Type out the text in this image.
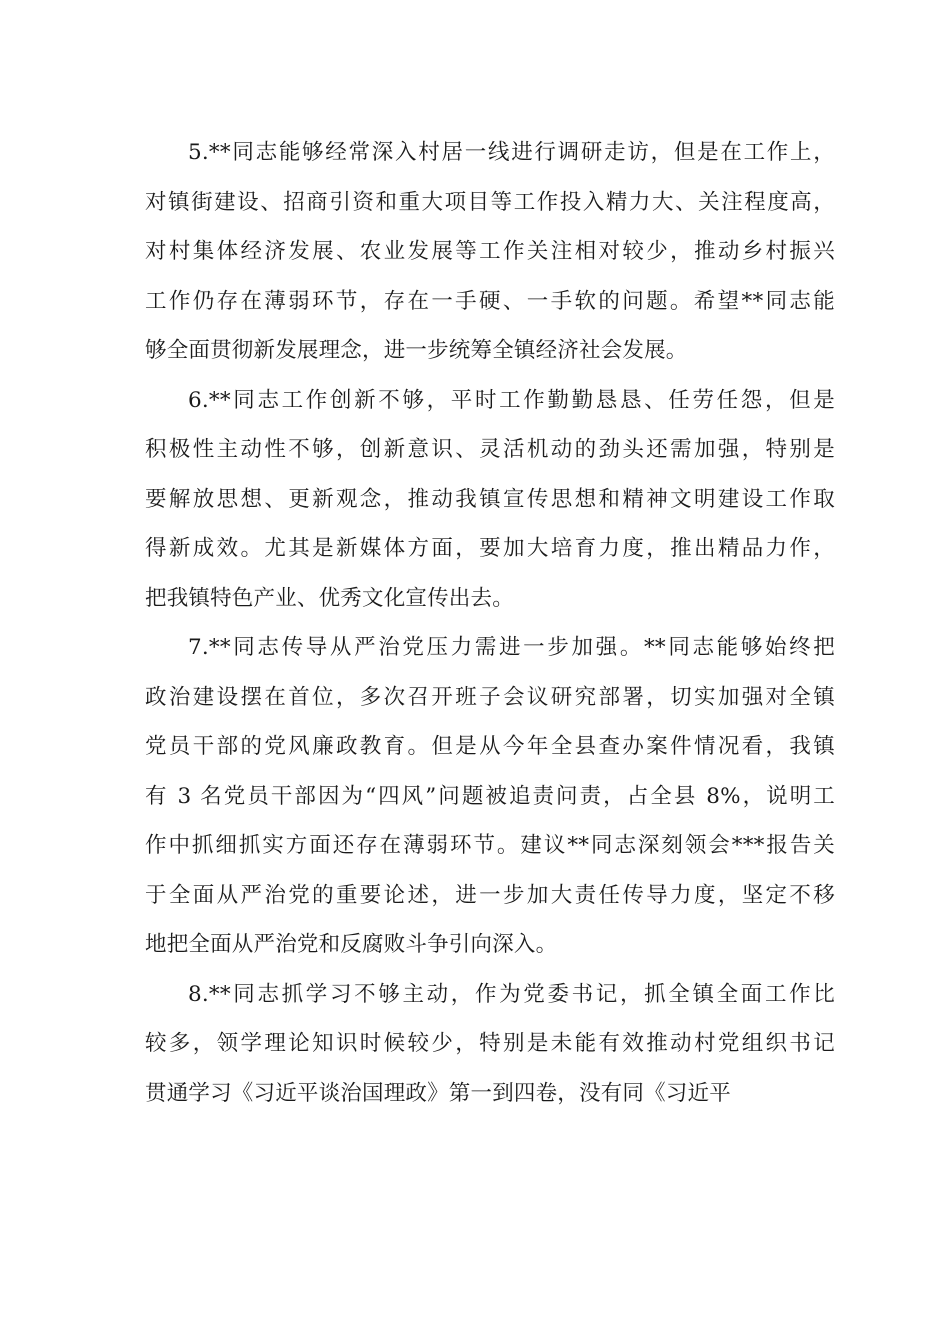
5.**同志能够经常深入村居一线进行调研走访，但是在工作上，
对镇街建设、招商引资和重大项目等工作投入精力大、关注程度高，
对村集体经济发展、农业发展等工作关注相对较少，推动乡村振兴
工作仍存在薄弱环节，存在一手硬、一手软的问题。希望**同志能
够全面贯彻新发展理念，进一步统筹全镇经济社会发展。
6.**同志工作创新不够，平时工作勤勤恳恳、任劳任怨，但是
积极性主动性不够，创新意识、灵活机动的劲头还需加强，特别是
要解放思想、更新观念，推动我镇宣传思想和精神文明建设工作取
得新成效。尤其是新媒体方面，要加大培育力度，推出精品力作，
把我镇特色产业、优秀文化宣传出去。
7.**同志传导从严治党压力需进一步加强。**同志能够始终把
政治建设摆在首位，多次召开班子会议研究部署，切实加强对全镇
党员干部的党风廉政教育。但是从今年全县查办案件情况看，我镇
有 3 名党员干部因为“四风”问题被追责问责，占全县 8%，说明工
作中抓细抓实方面还存在薄弱环节。建议**同志深刻领会***报告关
于全面从严治党的重要论述，进一步加大责任传导力度，坚定不移
地把全面从严治党和反腐败斗争引向深入。
8.**同志抓学习不够主动，作为党委书记，抓全镇全面工作比
较多，领学理论知识时候较少，特别是未能有效推动村党组织书记
贯通学习《习近平谈治国理政》第一到四卷，没有同《习近平
